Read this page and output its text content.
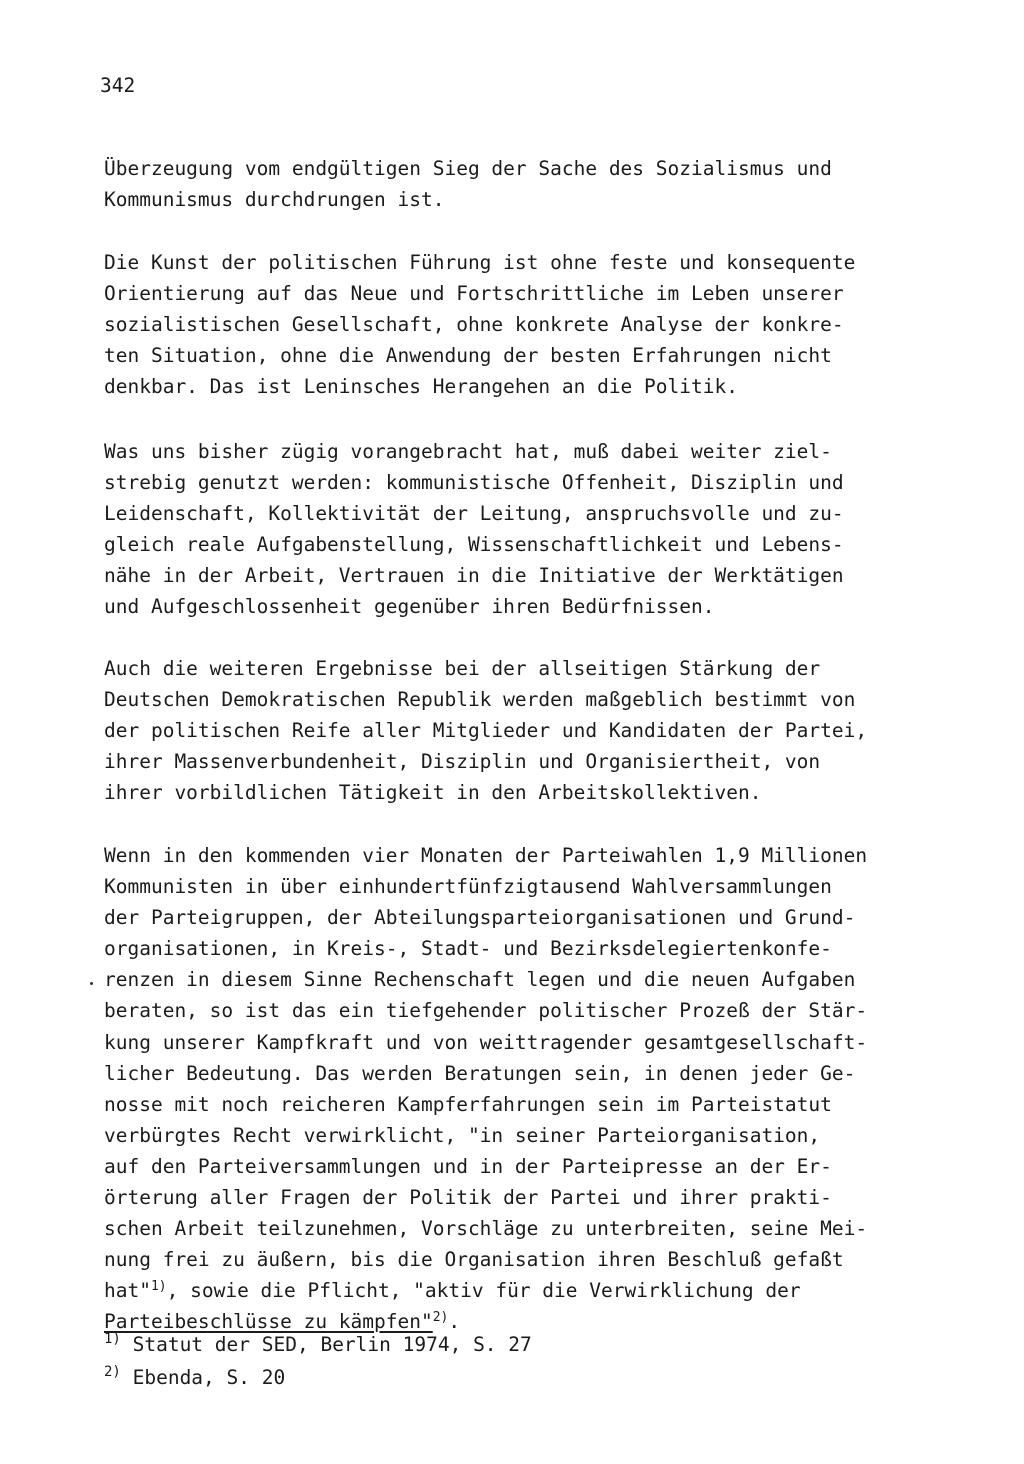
342
Überzeugung vom endgültigen Sieg der Sache des Sozialismus und
Kommunismus durchdrungen ist.
Die Kunst der politischen Führung ist ohne feste und konsequente
Orientierung auf das Neue und Fortschrittliche im Leben unserer
sozialistischen Gesellschaft, ohne konkrete Analyse der konkre-
ten Situation, ohne die Anwendung der besten Erfahrungen nicht
denkbar. Das ist Leninsches Herangehen an die Politik.
Was uns bisher zügig vorangebracht hat, muß dabei weiter ziel-
strebig genutzt werden: kommunistische Offenheit, Disziplin und
Leidenschaft, Kollektivität der Leitung, anspruchsvolle und zu-
gleich reale Aufgabenstellung, Wissenschaftlichkeit und Lebens-
nähe in der Arbeit, Vertrauen in die Initiative der Werktätigen
und Aufgeschlossenheit gegenüber ihren Bedürfnissen.
Auch die weiteren Ergebnisse bei der allseitigen Stärkung der
Deutschen Demokratischen Republik werden maßgeblich bestimmt von
der politischen Reife aller Mitglieder und Kandidaten der Partei,
ihrer Massenverbundenheit, Disziplin und Organisiertheit, von
ihrer vorbildlichen Tätigkeit in den Arbeitskollektiven.
Wenn in den kommenden vier Monaten der Parteiwahlen 1,9 Millionen
Kommunisten in über einhundertfünfzigtausend Wahlversammlungen
der Parteigruppen, der Abteilungsparteiorganisationen und Grund-
organisationen, in Kreis-, Stadt- und Bezirksdelegiertenkonfe-
renzen in diesem Sinne Rechenschaft legen und die neuen Aufgaben
beraten, so ist das ein tiefgehender politischer Prozeß der Stär-
kung unserer Kampfkraft und von weittragender gesamtgesellschaft-
licher Bedeutung. Das werden Beratungen sein, in denen jeder Ge-
nosse mit noch reicheren Kampferfahrungen sein im Parteistatut
verbürgtes Recht verwirklicht, "in seiner Parteiorganisation,
auf den Parteiversammlungen und in der Parteipresse an der Er-
örterung aller Fragen der Politik der Partei und ihrer prakti-
schen Arbeit teilzunehmen, Vorschläge zu unterbreiten, seine Mei-
nung frei zu äußern, bis die Organisation ihren Beschluß gefaßt
hat"$^{1)}$, sowie die Pflicht, "aktiv für die Verwirklichung der
Parteibeschlüsse zu kämpfen"$^{2)}$.
$^{1)}$ Statut der SED, Berlin 1974, S. 27
$^{2)}$ Ebenda, S. 20
